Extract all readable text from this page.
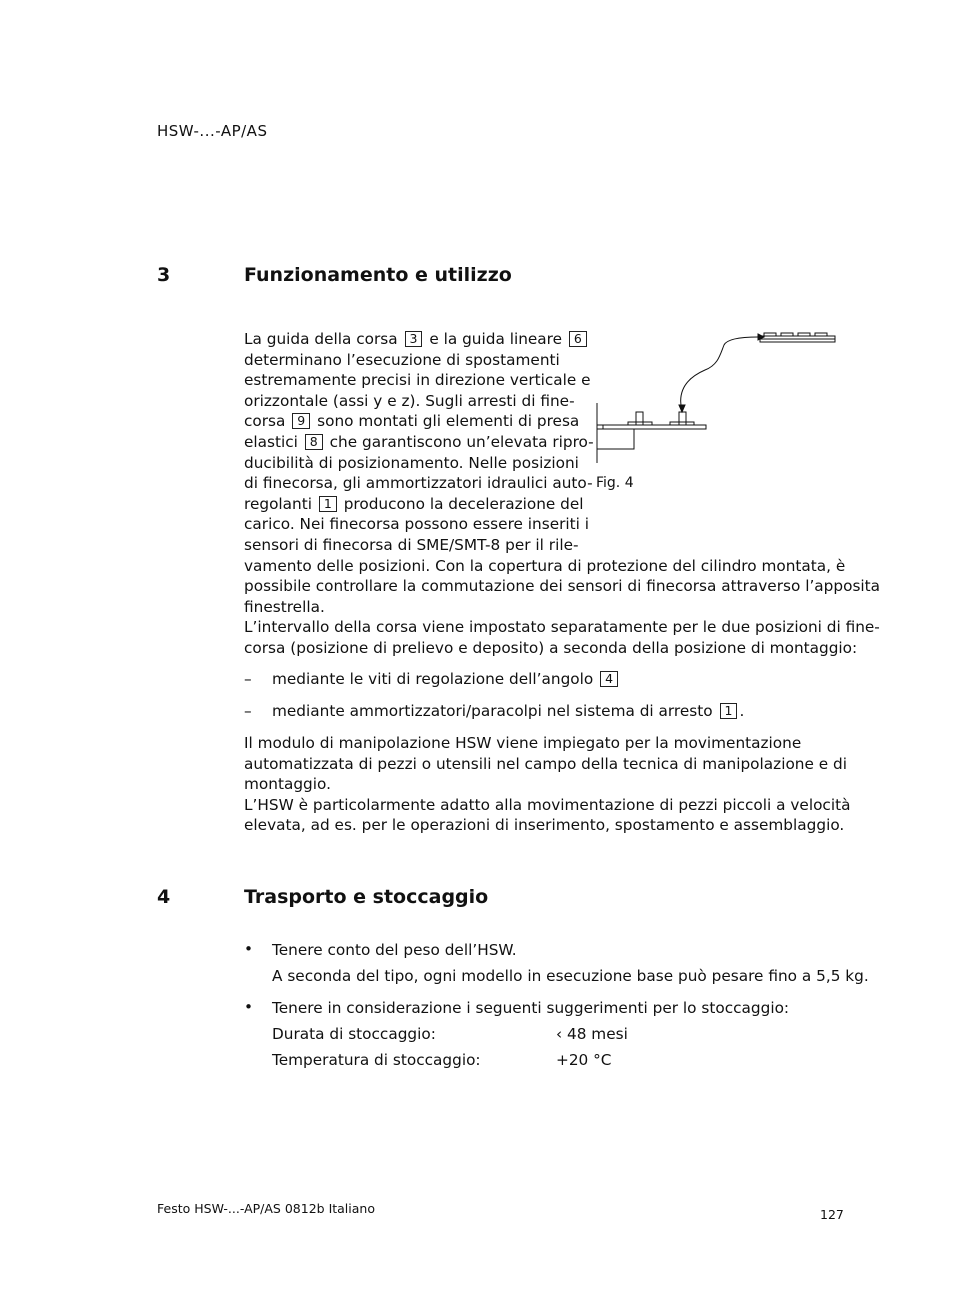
HSW-...-AP/AS
3	Funzionamento e utilizzo
La guida della corsa 3 e la guida lineare 6
determinano l’esecuzione di spostamenti
estremamente precisi in direzione verticale e
orizzontale (assi y e z). Sugli arresti di fine-
corsa 9 sono montati gli elementi di presa
elastici 8 che garantiscono un’elevata ripro-
ducibilità di posizionamento. Nelle posizioni
di finecorsa, gli ammortizzatori idraulici auto-
regolanti 1 producono la decelerazione del
carico. Nei finecorsa possono essere inseriti i
sensori di finecorsa di SME/SMT-8 per il rile-
vamento delle posizioni. Con la copertura di protezione del cilindro montata, è
possibile controllare la commutazione dei sensori di finecorsa attraverso l’apposita
finestrella.
L’intervallo della corsa viene impostato separatamente per le due posizioni di fine-
corsa (posizione di prelievo e deposito) a seconda della posizione di montaggio:
Fig. 4
– mediante le viti di regolazione dell’angolo 4
– mediante ammortizzatori/paracolpi nel sistema di arresto 1 .
Il modulo di manipolazione HSW viene impiegato per la movimentazione
automatizzata di pezzi o utensili nel campo della tecnica di manipolazione e di
montaggio.
L’HSW è particolarmente adatto alla movimentazione di pezzi piccoli a velocità
elevata, ad es. per le operazioni di inserimento, spostamento e assemblaggio.
4	Trasporto e stoccaggio
• Tenere conto del peso dell’HSW.
A seconda del tipo, ogni modello in esecuzione base può pesare fino a 5,5 kg.
• Tenere in considerazione i seguenti suggerimenti per lo stoccaggio:
Durata di stoccaggio:	‹ 48 mesi
Temperatura di stoccaggio:	+20 °C
Festo HSW-...-AP/AS 0812b Italiano	127
